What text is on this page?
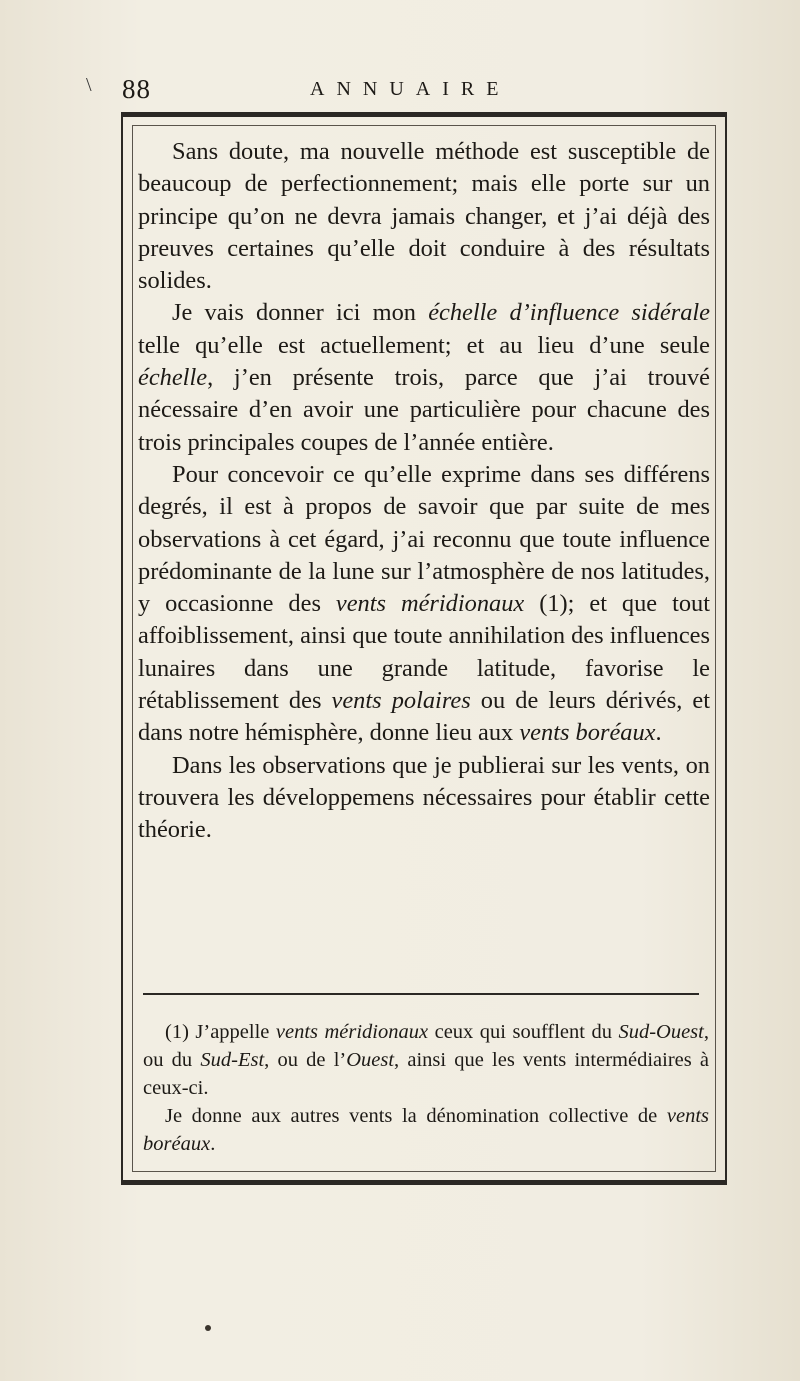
\ 88	ANNUAIRE

Sans doute, ma nouvelle méthode est susceptible de beaucoup de perfectionnement; mais elle porte sur un principe qu’on ne devra jamais changer, et j’ai déjà des preuves certaines qu’elle doit conduire à des résultats solides.

Je vais donner ici mon échelle d’influence sidérale telle qu’elle est actuellement; et au lieu d’une seule échelle, j’en présente trois, parce que j’ai trouvé nécessaire d’en avoir une particulière pour chacune des trois principales coupes de l’année entière.

Pour concevoir ce qu’elle exprime dans ses différens degrés, il est à propos de savoir que par suite de mes observations à cet égard, j’ai reconnu que toute influence prédominante de la lune sur l’atmosphère de nos latitudes, y occasionne des vents méridionaux (1); et que tout affoiblissement, ainsi que toute annihilation des influences lunaires dans une grande latitude, favorise le rétablissement des vents polaires ou de leurs dérivés, et dans notre hémisphère, donne lieu aux vents boréaux.

Dans les observations que je publierai sur les vents, on trouvera les développemens nécessaires pour établir cette théorie.

(1) J’appelle vents méridionaux ceux qui soufflent du Sud-Ouest, ou du Sud-Est, ou de l’Ouest, ainsi que les vents intermédiaires à ceux-ci.

Je donne aux autres vents la dénomination collective de vents boréaux.
